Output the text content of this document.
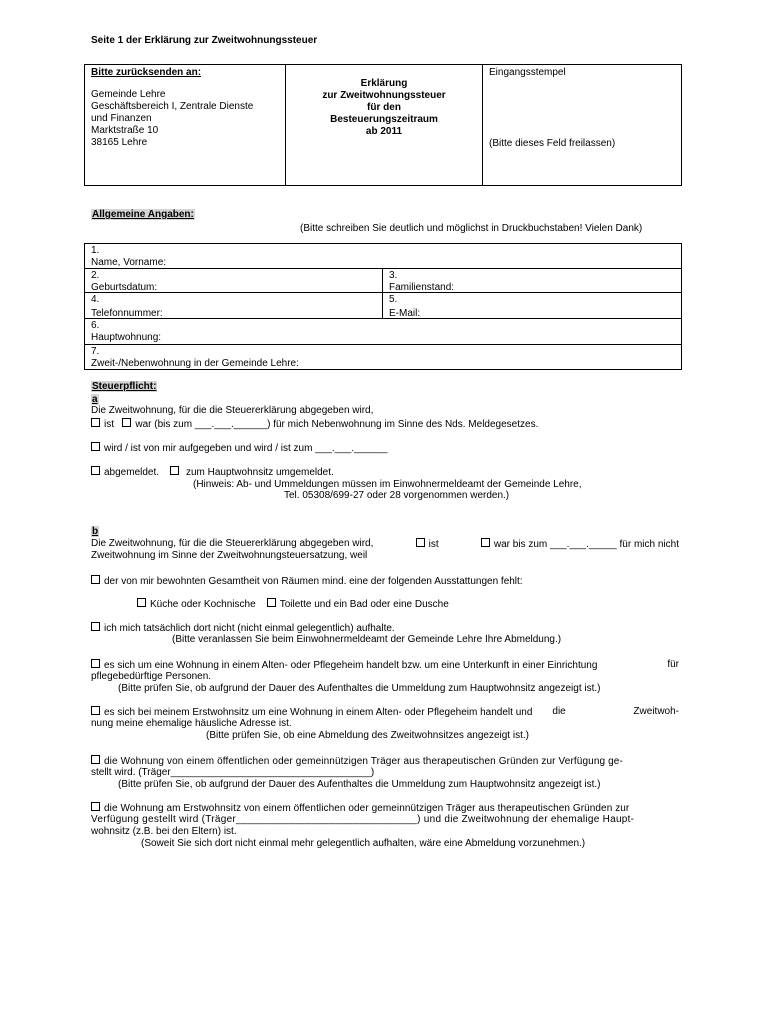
Seite 1 der Erklärung zur Zweitwohnungssteuer
Bitte zurücksenden an:
Gemeinde Lehre
Geschäftsbereich I, Zentrale Dienste
und Finanzen
Marktstraße 10
38165 Lehre
Erklärung
zur Zweitwohnungssteuer
für den
Besteuerungszeitraum
ab 2011
Eingangsstempel
(Bitte dieses Feld freilassen)
Allgemeine Angaben:
(Bitte schreiben Sie deutlich und möglichst in Druckbuchstaben! Vielen Dank)
1.
Name, Vorname:
2.
Geburtsdatum:
3.
Familienstand:
4.
Telefonnummer:
5.
E-Mail:
6.
Hauptwohnung:
7.
Zweit-/Nebenwohnung in der Gemeinde Lehre:
Steuerpflicht:
a
Die Zweitwohnung, für die die Steuererklärung abgegeben wird,
ist war (bis zum ___.___.______) für mich Nebenwohnung im Sinne des Nds. Meldegesetzes.
wird / ist von mir aufgegeben und wird / ist zum ___.___.______
abgemeldet.	zum Hauptwohnsitz umgemeldet.
(Hinweis: Ab- und Ummeldungen müssen im Einwohnermeldeamt der Gemeinde Lehre,
Tel. 05308/699-27 oder 28 vorgenommen werden.)
b
Die Zweitwohnung, für die die Steuererklärung abgegeben wird,	ist	war bis zum ___.___._____ für mich nicht
Zweitwohnung im Sinne der Zweitwohnungsteuersatzung, weil
der von mir bewohnten Gesamtheit von Räumen mind. eine der folgenden Ausstattungen fehlt:
Küche oder Kochnische Toilette und ein Bad oder eine Dusche
ich mich tatsächlich dort nicht (nicht einmal gelegentlich) aufhalte.
(Bitte veranlassen Sie beim Einwohnermeldeamt der Gemeinde Lehre Ihre Abmeldung.)
es sich um eine Wohnung in einem Alten- oder Pflegeheim handelt bzw. um eine Unterkunft in einer Einrichtung	für
pflegebedürftige Personen.
(Bitte prüfen Sie, ob aufgrund der Dauer des Aufenthaltes die Ummeldung zum Hauptwohnsitz angezeigt ist.)
es sich bei meinem Erstwohnsitz um eine Wohnung in einem Alten- oder Pflegeheim handelt und die	Zweitwoh-
nung meine ehemalige häusliche Adresse ist.
(Bitte prüfen Sie, ob eine Abmeldung des Zweitwohnsitzes angezeigt ist.)
die Wohnung von einem öffentlichen oder gemeinnützigen Träger aus therapeutischen Gründen zur Verfügung ge-
stellt wird. (Träger____________________________________)
(Bitte prüfen Sie, ob aufgrund der Dauer des Aufenthaltes die Ummeldung zum Hauptwohnsitz angezeigt ist.)
die Wohnung am Erstwohnsitz von einem öffentlichen oder gemeinnützigen Träger aus therapeutischen Gründen zur
Verfügung gestellt wird (Träger_______________________________) und die Zweitwohnung der ehemalige Haupt-
wohnsitz (z.B. bei den Eltern) ist.
(Soweit Sie sich dort nicht einmal mehr gelegentlich aufhalten, wäre eine Abmeldung vorzunehmen.)
